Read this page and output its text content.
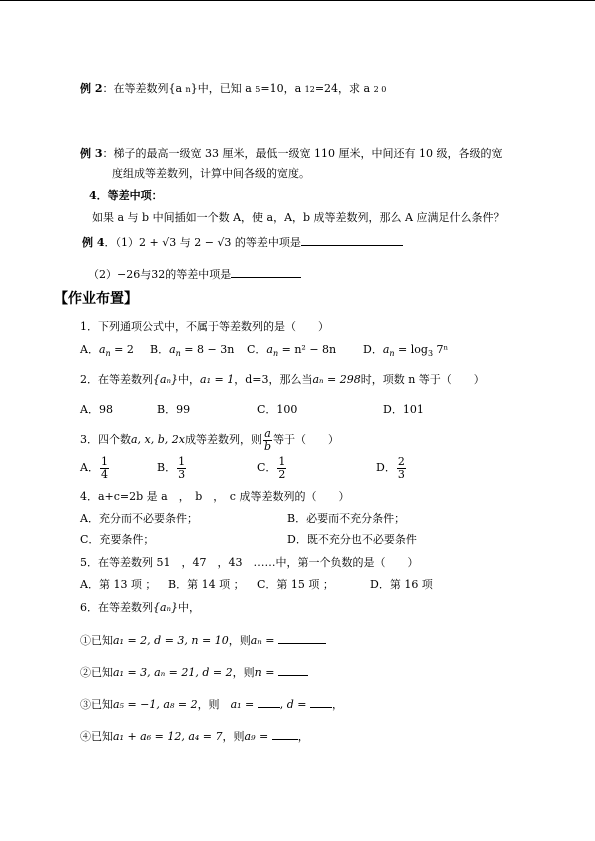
例 2：在等差数列{a n}中，已知 a 5=10，a 12=24，求 a 2 0
例 3：梯子的最高一级宽 33 厘米，最低一级宽 110 厘米，中间还有 10 级，各级的宽
度组成等差数列，计算中间各级的宽度。
4．等差中项：
如果 a 与 b 中间插如一个数 A，使 a，A，b 成等差数列，那么 A 应满足什么条件？
例 4．（1）2 + √3 与 2 − √3 的等差中项是
（2）−26与32的等差中项是
【作业布置】
1．下列通项公式中，不属于等差数列的是（　　）
A．$a_n = 2$ B．$a_n = 8 - 3n$ C．$a_n = n^2 - 8n$ D．$a_n = \log_3 7^n$
2．在等差数列{aₙ}中，a₁ = 1，d=3，那么当aₙ = 298时，项数 n 等于（　　）
A．98	B．99	C．100	D．101
3．四个数a, x, b, 2x成等差数列，则 $\frac{a}{b}$ 等于（　　）
A． $\frac{1}{4}$	B． $\frac{1}{3}$	C． $\frac{1}{2}$	D． $\frac{2}{3}$
4．a+c=2b 是 a　，　b　，　c 成等差数列的（　　）
A．充分而不必要条件；	B．必要而不充分条件；
C．充要条件；	D．既不充分也不必要条件
5．在等差数列 51　，47　，43　……中，第一个负数的是（　　）
A．第 13 项 ； B．第 14 项 ； C．第 15 项 ；	D．第 16 项
6．在等差数列{aₙ}中，
①已知a₁ = 2, d = 3, n = 10，则aₙ =
②已知a₁ = 3, aₙ = 21, d = 2，则n =
③已知a₅ = −1, a₈ = 2，则　a₁ = , d = ，
④已知a₁ + a₆ = 12, a₄ = 7，则a₉ =	，
